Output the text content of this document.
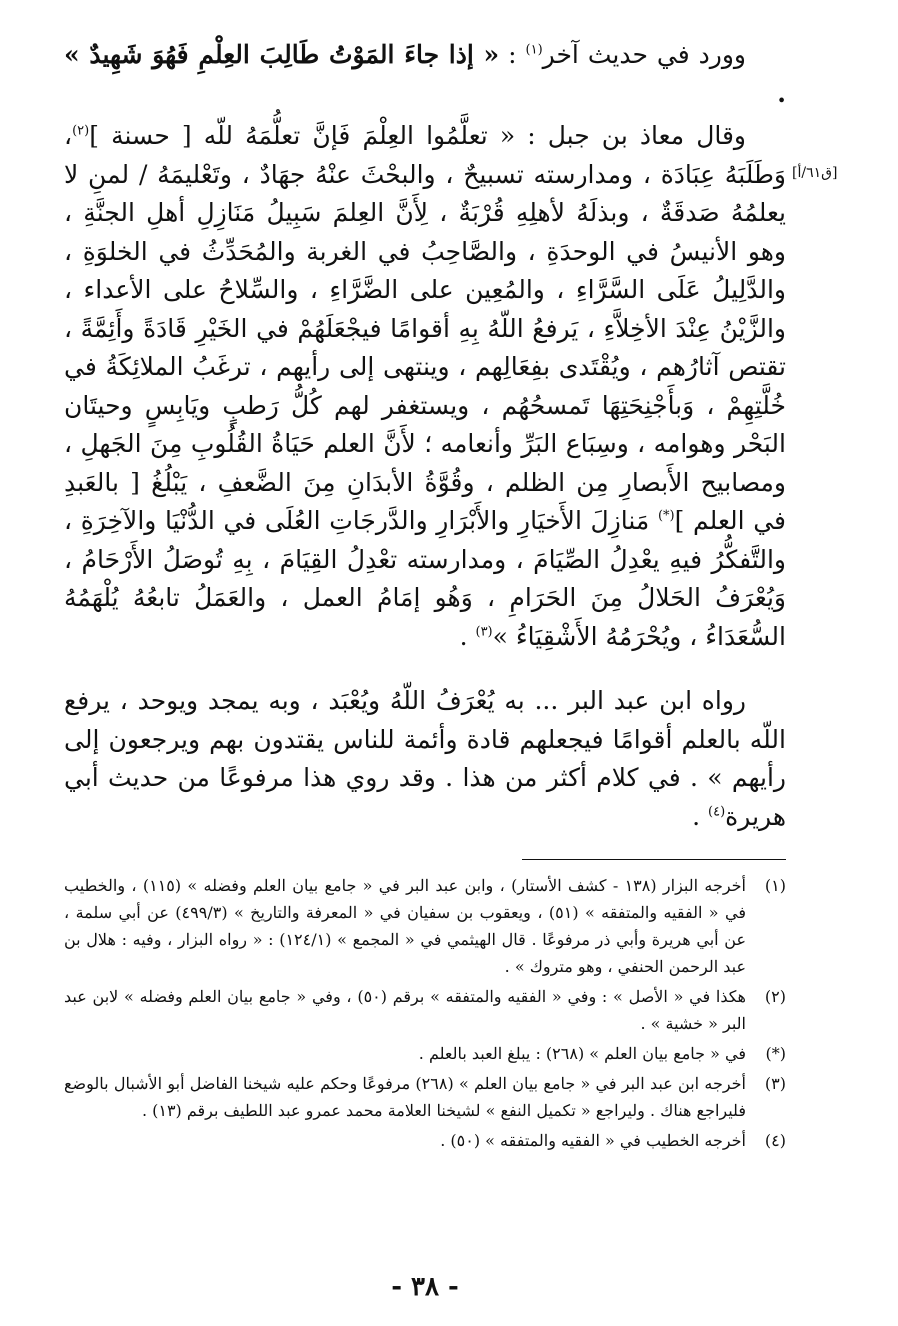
وورد في حديث آخر$^{(١)}$ : « إذا جاءَ المَوْتُ طَالِبَ العِلْمِ فَهُوَ شَهِيدٌ » .

وقال معاذ بن جبل : « تعلَّمُوا العِلْمَ فَإنَّ تعلُّمَهُ للّه [ حسنة ]$^{(٢)}$، وَطَلَبَهُ عِبَادَة ، ومدارسته تسبيحٌ ، والبحْثَ عنْهُ جهَادٌ ، وتَعْليمَهُ / لمنِ لا يعلمُهُ صَدقَةٌ ، وبذلَهُ لأهلِهِ قُرْبَةٌ ، لِأَنَّ العِلمَ سَبِيلُ مَنَازِلِ أهلِ الجنَّةِ ، وهو الأنيسُ في الوحدَةِ ، والصَّاحِبُ في الغربة والمُحَدِّثُ في الخلوَةِ ، والدَّلِيلُ عَلَى السَّرَّاءِ ، والمُعِين على الضَّرَّاءِ ، والسِّلاحُ على الأعداء ، والزَّيْنُ عِنْدَ الأخِلاَّءِ ، يَرفعُ اللّهُ بِهِ أقوامًا فيجْعَلَهُمْ في الخَيْرِ قَادَةً وأَئِمَّةً ، تقتص آثارُهم ، ويُقْتَدى بفِعَالِهم ، وينتهى إلى رأيهم ، ترغَبُ الملائِكَةُ في خُلَّتِهِمْ ، وَبأَجْنِحَتِهَا تَمسحُهُم ، ويستغفر لهم كُلُّ رَطبٍ ويَابِسٍ وحيتَان البَحْر وهوامه ، وسِبَاع البَرِّ وأنعامه ؛ لأَنَّ العلم حَيَاةُ القُلُوبِ مِنَ الجَهلِ ، ومصابيح الأَبصارِ مِن الظلم ، وقُوَّةُ الأبدَانِ مِنَ الضَّعفِ ، يَبْلُغُ [ بالعَبدِ في العلم ](*) مَنازِلَ الأَخيَارِ والأَبْرَارِ والدَّرجَاتِ العُلَى في الدُّنْيَا والآخِرَةِ ، والتَّفكُّرُ فيهِ يعْدِلُ الصِّيَامَ ، ومدارسته تعْدِلُ القِيَامَ ، بِهِ تُوصَلُ الأَرْحَامُ ، وَيُعْرَفُ الحَلالُ مِنَ الحَرَامِ ، وَهُو إمَامُ العمل ، والعَمَلُ تابعُهُ يُلْهَمُهُ السُّعَدَاءُ ، ويُحْرَمُهُ الأَشْقِيَاءُ »$^{(٣)}$ .

رواه ابن عبد البر ... به يُعْرَفُ اللّهُ ويُعْبَد ، وبه يمجد ويوحد ، يرفع اللّه بالعلم أقوامًا فيجعلهم قادة وأئمة للناس يقتدون بهم ويرجعون إلى رأيهم » . في كلام أكثر من هذا . وقد روي هذا مرفوعًا من حديث أبي هريرة$^{(٤)}$ .

[ق٦١/أ]
(١)
أخرجه البزار (١٣٨ - كشف الأستار) ، وابن عبد البر في « جامع بيان العلم وفضله » (١١٥) ، والخطيب في « الفقيه والمتفقه » (٥١) ، ويعقوب بن سفيان في « المعرفة والتاريخ » (٤٩٩/٣) عن أبي سلمة ، عن أبي هريرة وأبي ذر مرفوعًا . قال الهيثمي في « المجمع » (١٢٤/١) : « رواه البزار ، وفيه : هلال بن عبد الرحمن الحنفي ، وهو متروك » .
(٢)
هكذا في « الأصل » : وفي « الفقيه والمتفقه » برقم (٥٠) ، وفي « جامع بيان العلم وفضله » لابن عبد البر « خشية » .
(*)
في « جامع بيان العلم » (٢٦٨) : يبلغ العبد بالعلم .
(٣)
أخرجه ابن عبد البر في « جامع بيان العلم » (٢٦٨) مرفوعًا وحكم عليه شيخنا الفاضل أبو الأشبال بالوضع فليراجع هناك . وليراجع « تكميل النفع » لشيخنا العلامة محمد عمرو عبد اللطيف برقم (١٣) .
(٤)
أخرجه الخطيب في « الفقيه والمتفقه » (٥٠) .
- ٣٨ -
